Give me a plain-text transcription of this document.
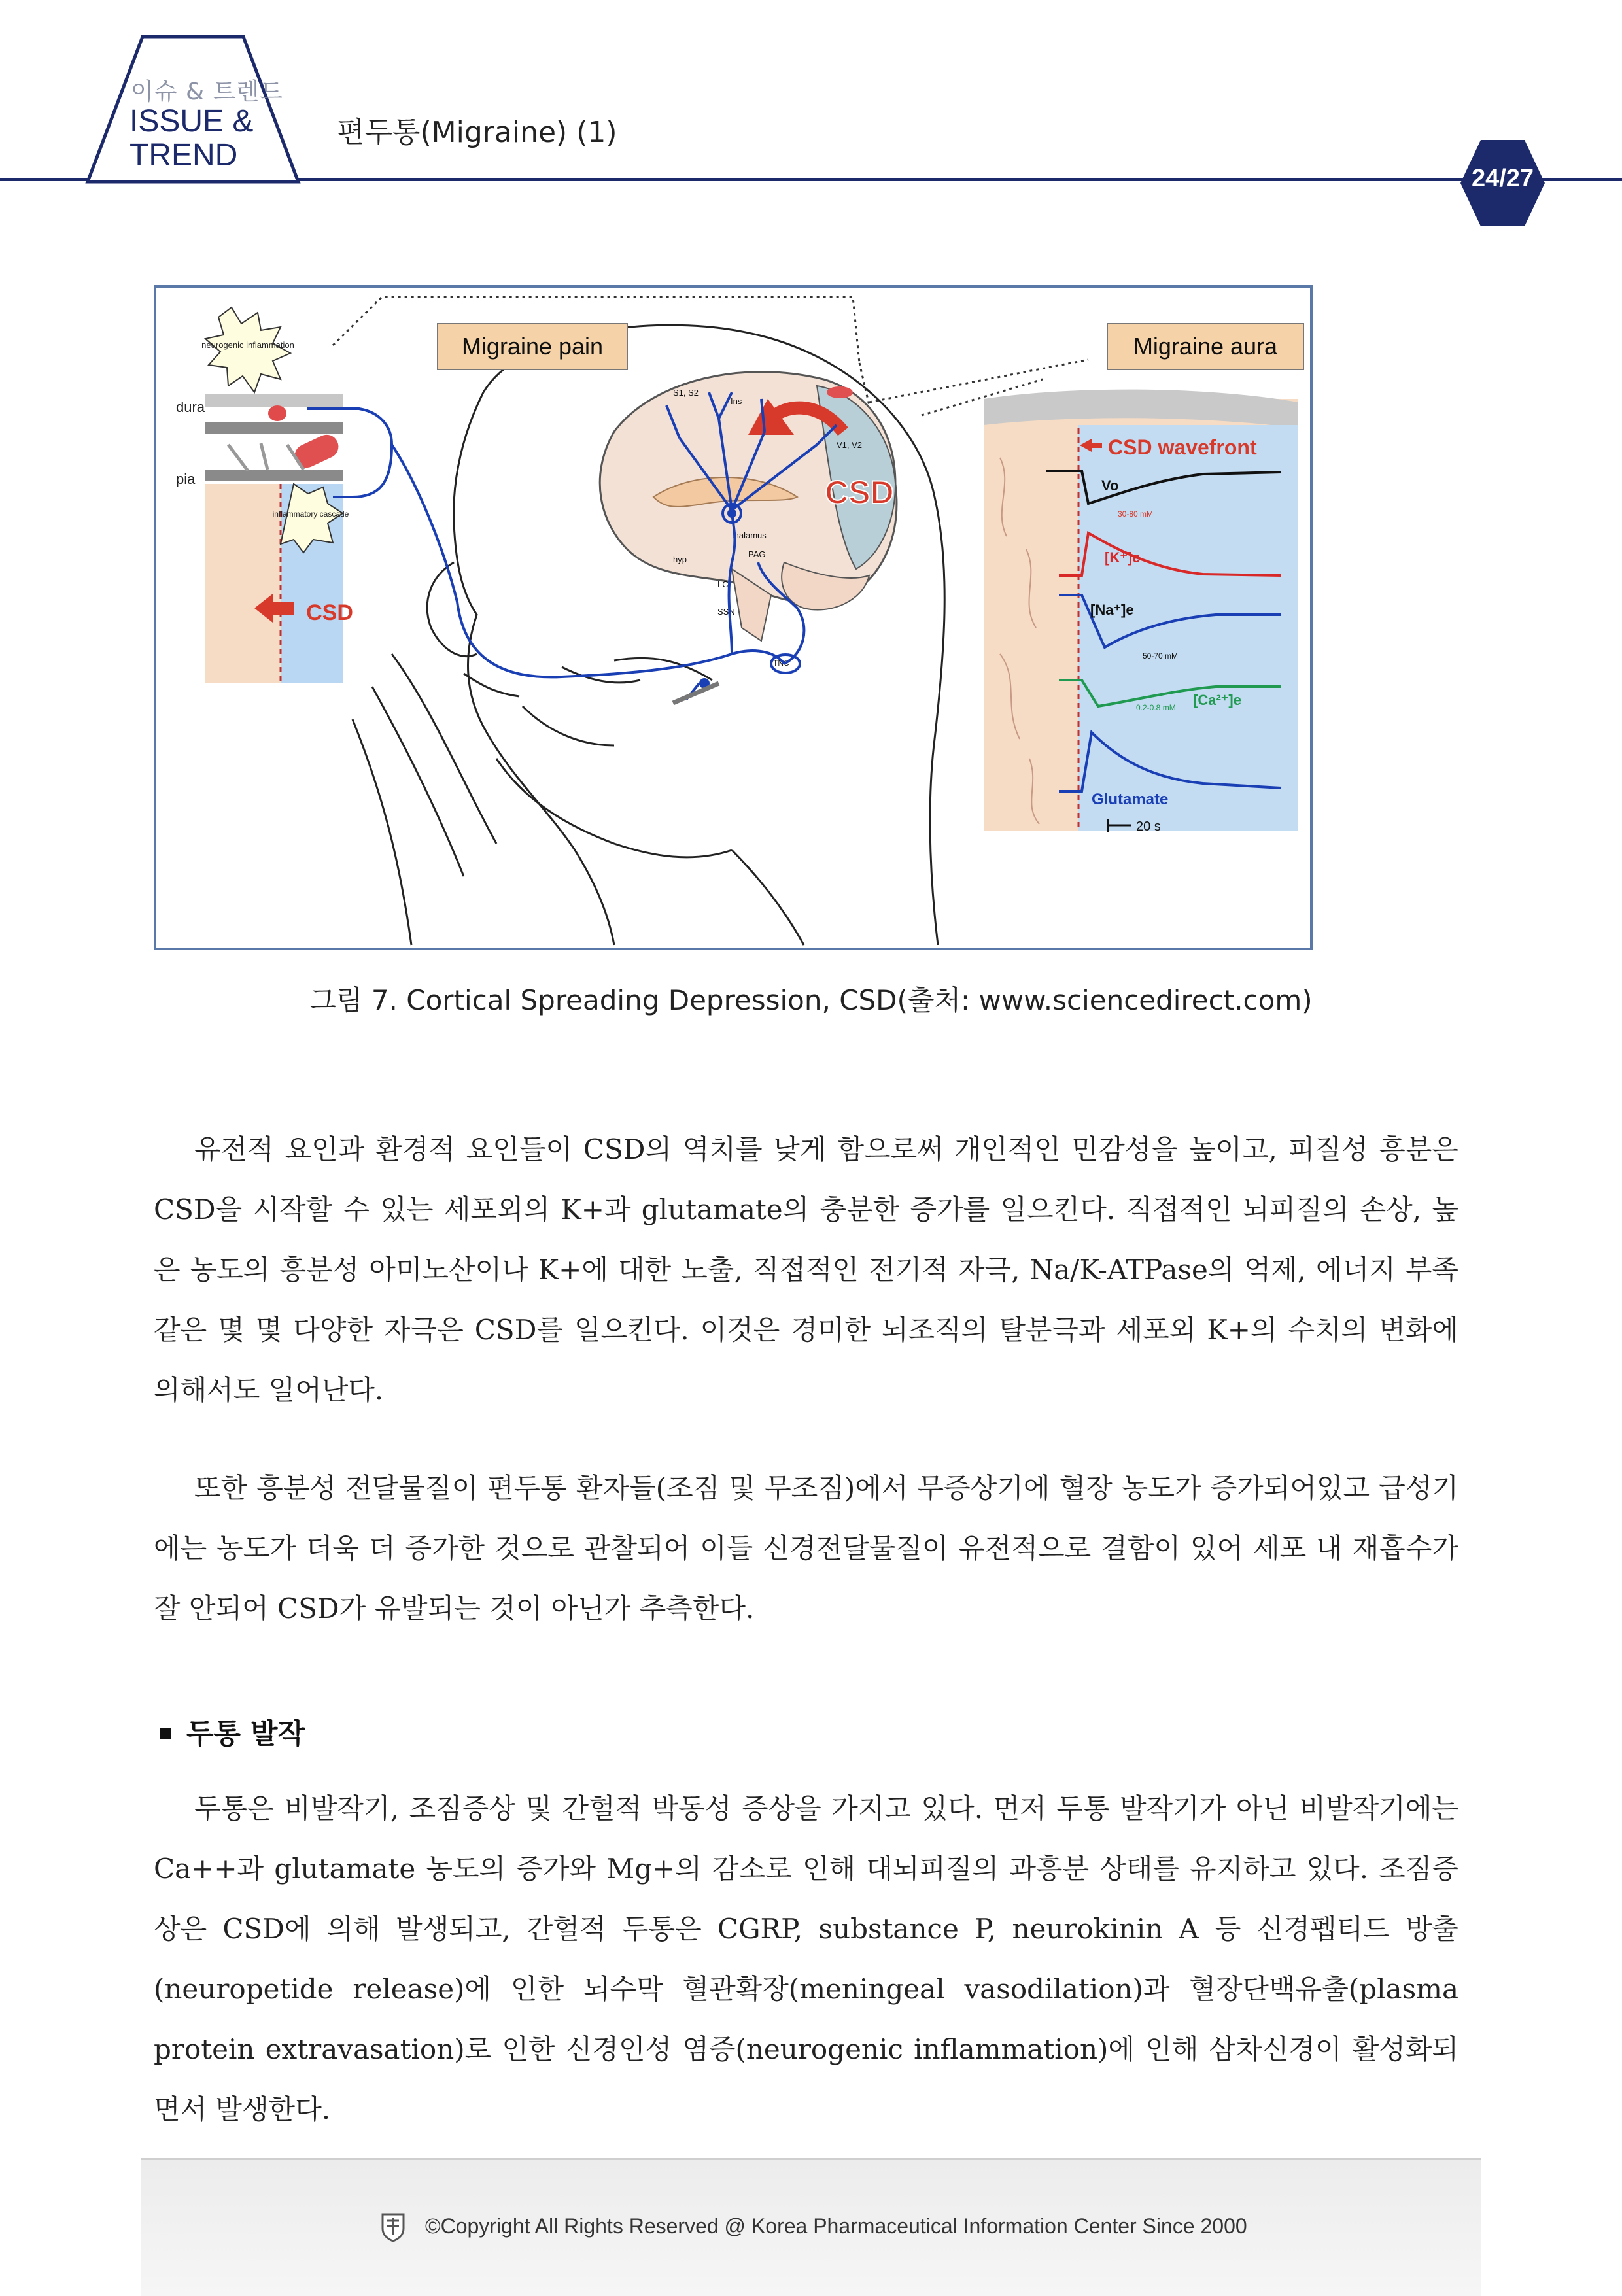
이슈 & 트렌드
ISSUE &
TREND
편두통(Migraine) (1)
24/27
neurogenic inflammation
inflammatory cascade
CSD
dura
pia	CSD
S1, S2
Ins
V1, V2
thalamus
hyp
PAG
LC
SSN
TNC
Migraine pain	Migraine aura
CSD wavefront
Vo
30-80 mM
[K⁺]e
[Na⁺]e
50-70 mM
0.2-0.8 mM [Ca²⁺]e
Glutamate
20 s
그림 7. Cortical Spreading Depression, CSD(출처: www.sciencedirect.com)
유전적 요인과 환경적 요인들이 CSD의 역치를 낮게 함으로써 개인적인 민감성을 높이고, 피질성 흥분은 CSD을 시작할 수 있는 세포외의 K+과 glutamate의 충분한 증가를 일으킨다. 직접적인 뇌피질의 손상, 높은 농도의 흥분성 아미노산이나 K+에 대한 노출, 직접적인 전기적 자극, Na/K-ATPase의 억제, 에너지 부족 같은 몇 몇 다양한 자극은 CSD를 일으킨다. 이것은 경미한 뇌조직의 탈분극과 세포외 K+의 수치의 변화에 의해서도 일어난다.
또한 흥분성 전달물질이 편두통 환자들(조짐 및 무조짐)에서 무증상기에 혈장 농도가 증가되어있고 급성기에는 농도가 더욱 더 증가한 것으로 관찰되어 이들 신경전달물질이 유전적으로 결함이 있어 세포 내 재흡수가 잘 안되어 CSD가 유발되는 것이 아닌가 추측한다.
두통 발작
두통은 비발작기, 조짐증상 및 간헐적 박동성 증상을 가지고 있다. 먼저 두통 발작기가 아닌 비발작기에는 Ca++과 glutamate 농도의 증가와 Mg+의 감소로 인해 대뇌피질의 과흥분 상태를 유지하고 있다. 조짐증상은 CSD에 의해 발생되고, 간헐적 두통은 CGRP, substance P, neurokinin A 등 신경펩티드 방출(neuropetide release)에 인한 뇌수막 혈관확장(meningeal vasodilation)과 혈장단백유출(plasma protein extravasation)로 인한 신경인성 염증(neurogenic inflammation)에 인해 삼차신경이 활성화되면서 발생한다.
©Copyright All Rights Reserved @ Korea Pharmaceutical Information Center Since 2000
